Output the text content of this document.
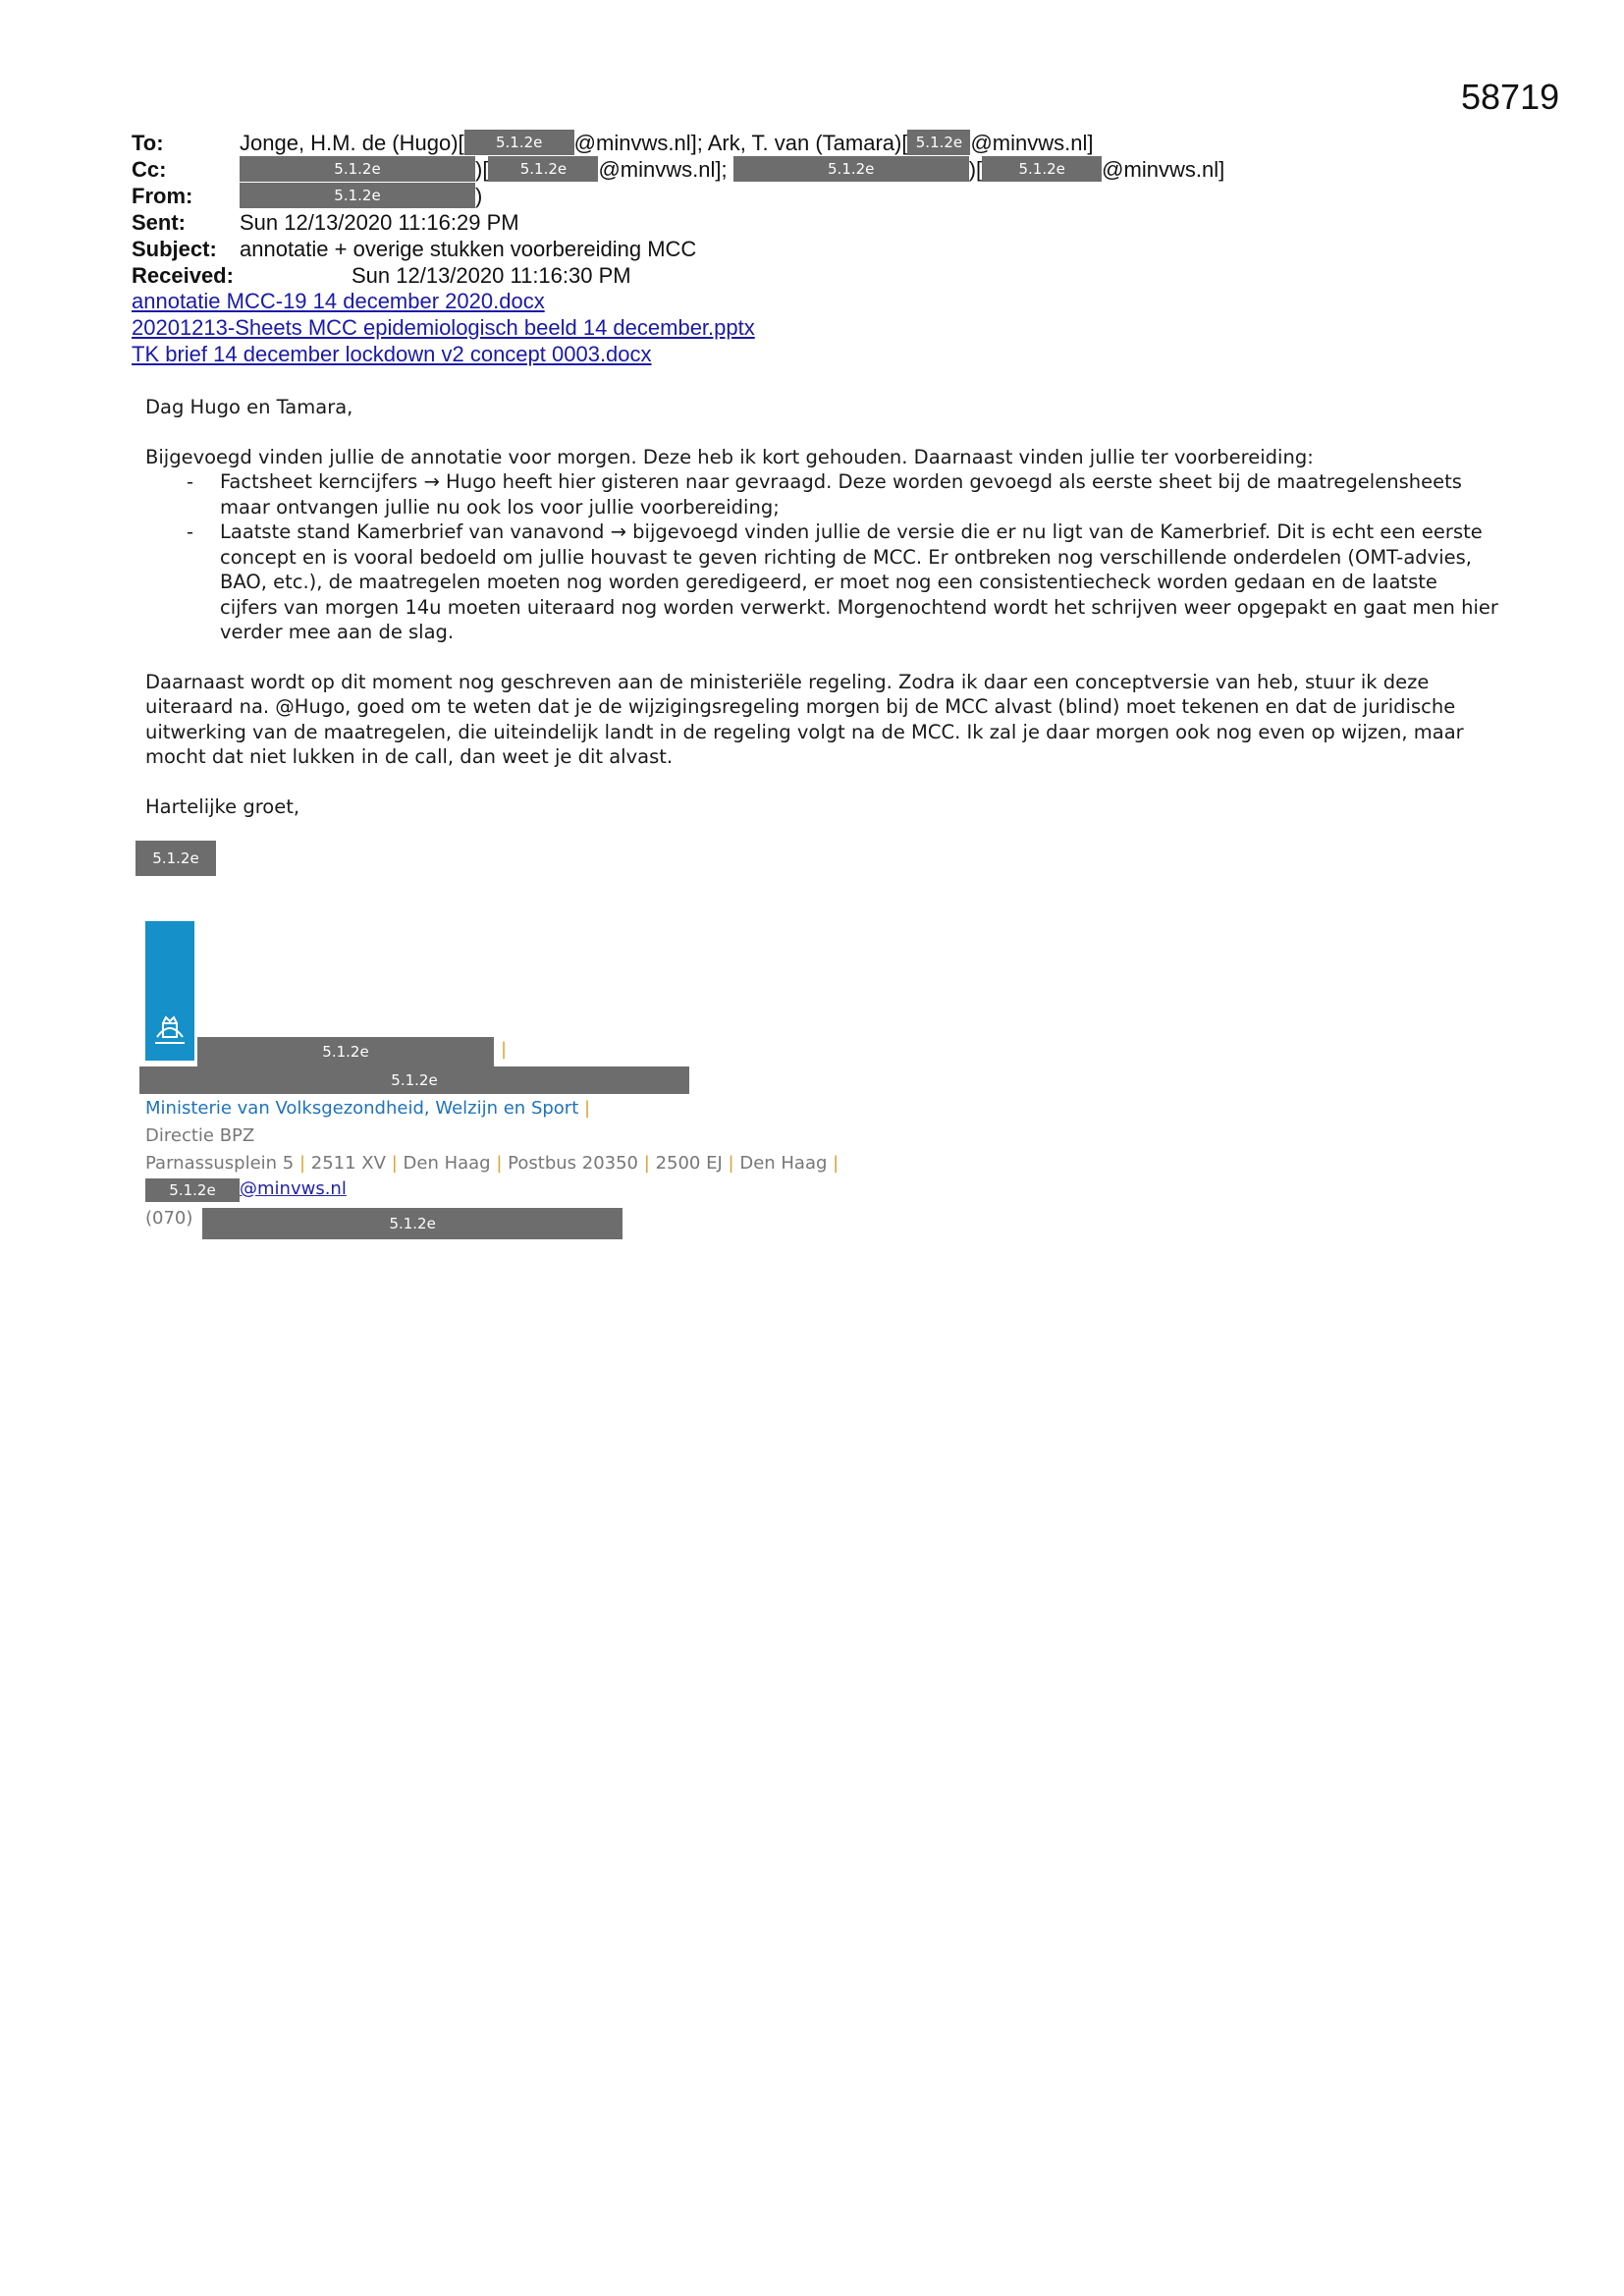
58719
To:	Jonge, H.M. de (Hugo)[ 5.1.2e @minvws.nl]; Ark, T. van (Tamara)[ 5.1.2e @minvws.nl]
Cc:	5.1.2e	)[ 5.1.2e @minvws.nl];	5.1.2e	)[ 5.1.2e @minvws.nl]
From:	5.1.2e	)
Sent:	Sun 12/13/2020 11:16:29 PM
Subject: annotatie + overige stukken voorbereiding MCC
Received:	Sun 12/13/2020 11:16:30 PM
annotatie MCC-19 14 december 2020.docx
20201213-Sheets MCC epidemiologisch beeld 14 december.pptx
TK brief 14 december lockdown v2 concept 0003.docx

Dag Hugo en Tamara,

Bijgevoegd vinden jullie de annotatie voor morgen. Deze heb ik kort gehouden. Daarnaast vinden jullie ter voorbereiding:

- Factsheet kerncijfers → Hugo heeft hier gisteren naar gevraagd. Deze worden gevoegd als eerste sheet bij de maatregelensheets maar ontvangen jullie nu ook los voor jullie voorbereiding;
- Laatste stand Kamerbrief van vanavond → bijgevoegd vinden jullie de versie die er nu ligt van de Kamerbrief. Dit is echt een eerste concept en is vooral bedoeld om jullie houvast te geven richting de MCC. Er ontbreken nog verschillende onderdelen (OMT-advies, BAO, etc.), de maatregelen moeten nog worden geredigeerd, er moet nog een consistentiecheck worden gedaan en de laatste cijfers van morgen 14u moeten uiteraard nog worden verwerkt. Morgenochtend wordt het schrijven weer opgepakt en gaat men hier verder mee aan de slag.

Daarnaast wordt op dit moment nog geschreven aan de ministeriële regeling. Zodra ik daar een conceptversie van heb, stuur ik deze uiteraard na. @Hugo, goed om te weten dat je de wijzigingsregeling morgen bij de MCC alvast (blind) moet tekenen en dat de juridische uitwerking van de maatregelen, die uiteindelijk landt in de regeling volgt na de MCC. Ik zal je daar morgen ook nog even op wijzen, maar mocht dat niet lukken in de call, dan weet je dit alvast.

Hartelijke groet,

5.1.2e
5.1.2e	|
5.1.2e
Ministerie van Volksgezondheid, Welzijn en Sport |
Directie BPZ
Parnassusplein 5 | 2511 XV | Den Haag | Postbus 20350 | 2500 EJ | Den Haag |
5.1.2e @minvws.nl
(070)	5.1.2e
